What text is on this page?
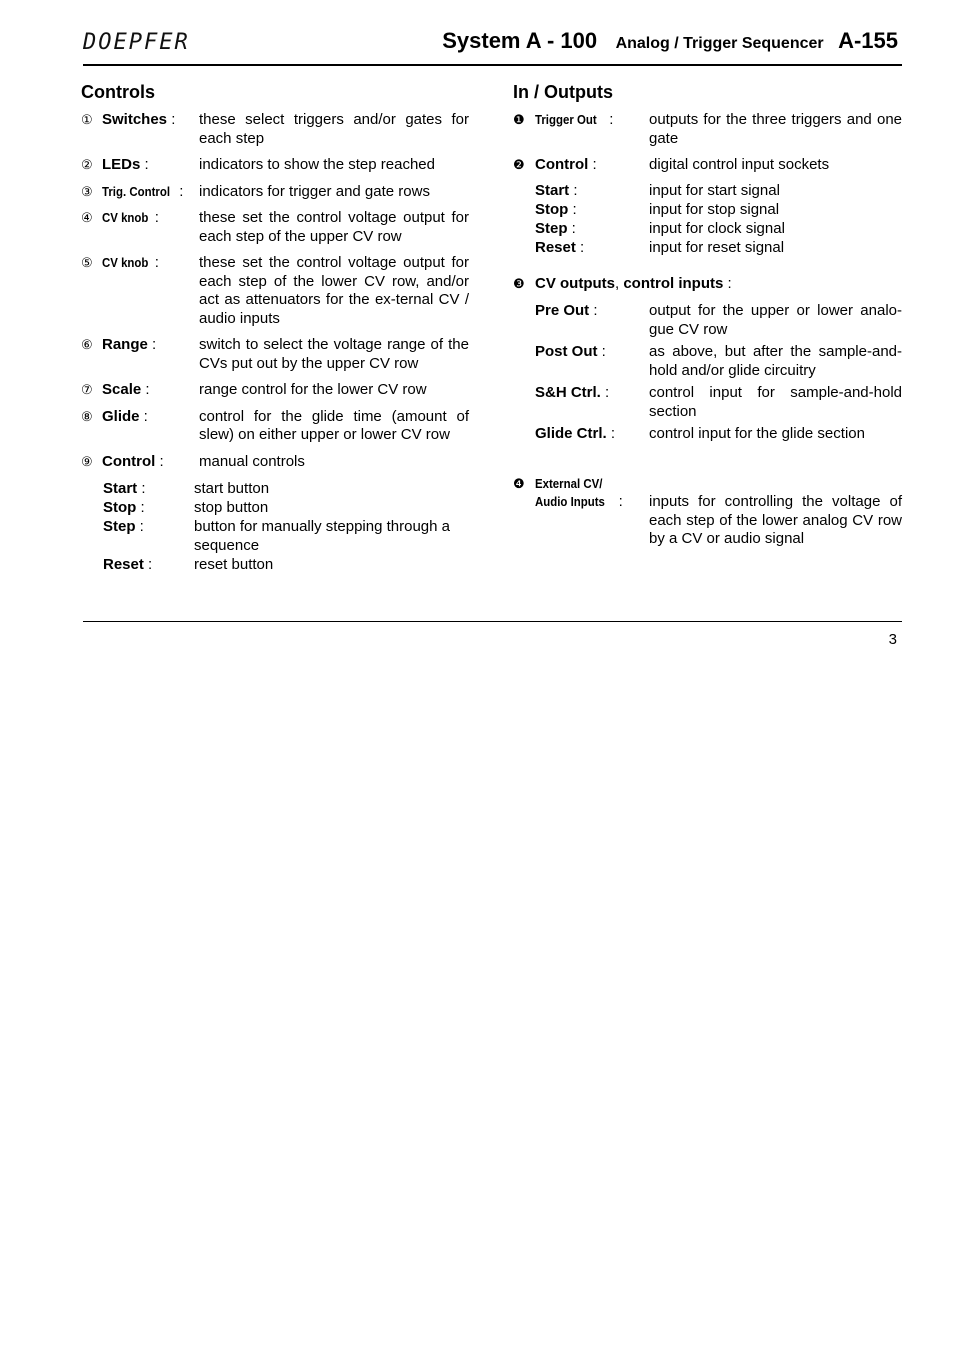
DOEPFER	System A - 100 Analog / Trigger Sequencer A-155
Controls
① Switches : these select triggers and/or gates for each step
② LEDs :	indicators to show the step reached
③ Trig. Control : indicators for trigger and gate rows
④ CV knob :	these set the control voltage output for each step of the upper CV row
⑤ CV knob :	these set the control voltage output for each step of the lower CV row, and/or act as attenuators for the ex-ternal CV / audio inputs
⑥ Range :	switch to select the voltage range of the CVs put out by the upper CV row
⑦ Scale :	range control for the lower CV row
⑧ Glide :	control for the glide time (amount of slew) on either upper or lower CV row
⑨ Control : manual controls
Start :	start button
Stop :	stop button
Step :	button for manually stepping through a sequence
Reset :	reset button
In / Outputs
❶ Trigger Out : outputs for the three triggers and one gate
❷ Control :	digital control input sockets
Start :	input for start signal
Stop :	input for stop signal
Step :	input for clock signal
Reset :	input for reset signal
❸ CV outputs, control inputs :
Pre Out :	output for the upper or lower analo-gue CV row
Post Out :	as above, but after the sample-and-hold and/or glide circuitry
S&H Ctrl. :	control input for sample-and-hold section
Glide Ctrl. : control input for the glide section
❹ External CV/
Audio Inputs : inputs for controlling the voltage of each step of the lower analog CV row by a CV or audio signal
3
